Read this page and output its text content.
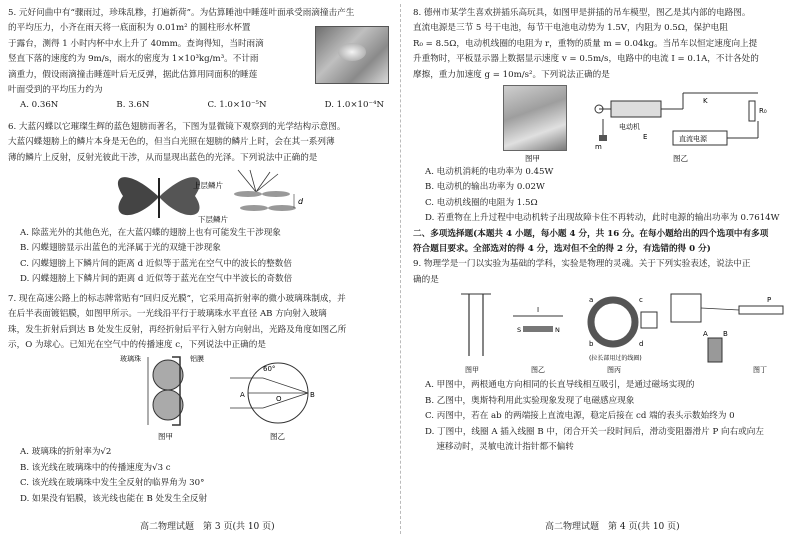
5. 元好问曲中有“骤雨过，珍珠乱糁，打遍新荷”。为估算睡池中睡莲叶面承受雨滴撞击产生

的平均压力，小齐在雨天将一底面积为 0.01m² 的圆柱形水杯置

于露台，测得 1 小时内杯中水上升了 40mm。查询得知，当时雨滴

竖直下落的速度约为 9m/s，雨水的密度为 1×10³kg/m³。不计雨

滴重力，假设雨滴撞击睡莲叶后无反弹，据此估算用同面积的睡莲

叶面受到的平均压力约为

A. 0.36N	B. 3.6N	C. 1.0×10⁻⁵N	D. 1.0×10⁻⁴N

6. 大蓝闪蝶以它璀璨生辉的蓝色翅膀而著名，下图为显微镜下观察到的光学结构示意图。

大蓝闪蝶翅膀上的鳞片本身是无色的，但当白光照在翅膀的鳞片上时，会在其一系列薄

薄的鳞片上反射，反射光彼此干涉，从而显现出蓝色的光泽。下列说法中正确的是

上层鳞片
下层鳞片
d

A. 除蓝光外的其他色光，在大蓝闪蝶的翅膀上也有可能发生干涉现象

B. 闪蝶翅膀显示出蓝色的光泽属于光的双缝干涉现象

C. 闪蝶翅膀上下鳞片间的距离 d 近似等于蓝光在空气中的波长的整数倍

D. 闪蝶翅膀上下鳞片间的距离 d 近似等于蓝光在空气中半波长的奇数倍

7. 现在高速公路上的标志牌常贴有“回归反光膜”，它采用高折射率的微小玻璃珠制成，并

在后半表面镀铝膜，如图甲所示。一光线沿平行于玻璃珠水平直径 AB 方向射入玻璃

珠，发生折射后到达 B 处发生反射，再经折射后平行入射方向射出，光路及角度如图乙所

示，O 为球心。已知光在空气中的传播速度 c，下列说法中正确的是

玻璃珠	铝膜
图甲
60°
A	O	B
图乙

A. 玻璃珠的折射率为√2

B. 该光线在玻璃珠中的传播速度为√3 c

C. 该光线在玻璃珠中发生全反射的临界角为 30°

D. 如果没有铝膜，该光线也能在 B 处发生全反射

高二物理试题　第 3 页(共 10 页)

8. 德州市某学生喜欢拼插乐高玩具，如图甲是拼插的吊车模型，图乙是其内部的电路图。

直流电源是三节 5 号干电池，每节干电池电动势为 1.5V，内阻为 0.5Ω，保护电阻

R₀ = 8.5Ω，电动机线圈的电阻为 r，重物的质量 m = 0.04kg。当吊车以恒定速度向上提

升重物时，平板显示器上数据显示速度 v = 0.5m/s，电路中的电流 I = 0.1A，不计各处的

摩擦，重力加速度 g = 10m/s²。下列说法正确的是

图甲
m
电动机
E	直流电源
R₀
K
图乙

A. 电动机消耗的电功率为 0.45W

B. 电动机的输出功率为 0.02W

C. 电动机线圈的电阻为 1.5Ω

D. 若重物在上升过程中电动机转子出现故障卡住不再转动，此时电源的输出功率为 0.7614W

二、多项选择题(本题共 4 小题，每小题 4 分，共 16 分。在每小题给出的四个选项中有多项

符合题目要求。全部选对的得 4 分，选对但不全的得 2 分，有选错的得 0 分)

9. 物理学是一门以实验为基础的学科，实验是物理的灵魂。关于下列实验表述，说法中正

确的是

图甲
I
S	N
图乙
a
b
c
d
(拉长部用过的线圈)
图丙
A B
P
图丁

A. 甲图中，两根通电方向相同的长直导线相互吸引，是通过磁场实现的

B. 乙图中，奥斯特利用此实验现象发现了电磁感应现象

C. 丙图中，若在 ab 的两端接上直流电源，稳定后接在 cd 端的表头示数始终为 0

D. 丁图中，线圈 A 插入线圈 B 中，闭合开关一段时间后，滑动变阻器滑片 P 向右或向左

　 速移动时，灵敏电流计指针都不偏转

高二物理试题　第 4 页(共 10 页)
